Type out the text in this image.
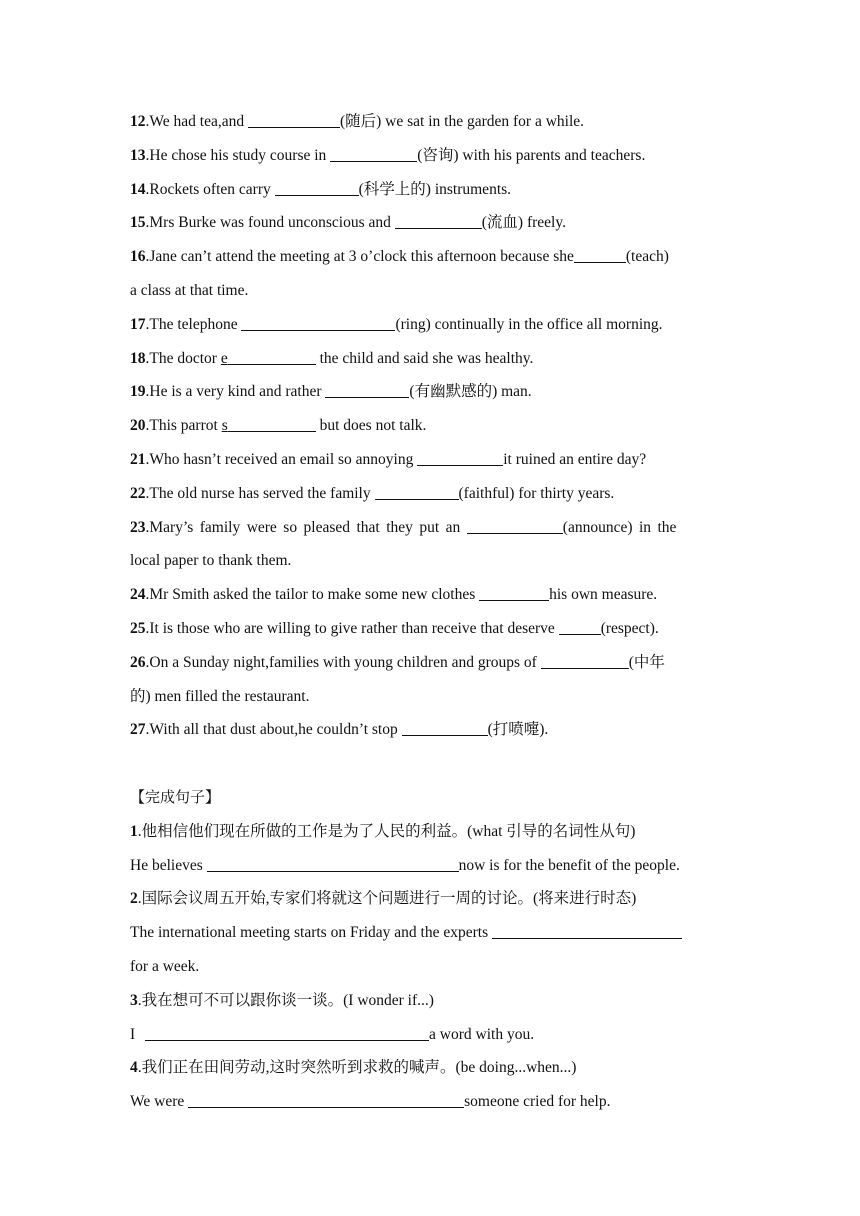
12.We had tea,and	(随后) we sat in the garden for a while.
13.He chose his study course in	(咨询) with his parents and teachers.
14.Rockets often carry	(科学上的) instruments.
15.Mrs Burke was found unconscious and	(流血) freely.
16.Jane can’t attend the meeting at 3 o’clock this afternoon because she	(teach)
a class at that time.
17.The telephone	(ring) continually in the office all morning.
18.The doctor e	the child and said she was healthy.
19.He is a very kind and rather	(有幽默感的) man.
20.This parrot s	but does not talk.
21.Who hasn’t received an email so annoying	it ruined an entire day?
22.The old nurse has served the family	(faithful) for thirty years.
23.Mary’s family were so pleased that they put an	(announce) in the
local paper to thank them.
24.Mr Smith asked the tailor to make some new clothes	his own measure.
25.It is those who are willing to give rather than receive that deserve	(respect).
26.On a Sunday night,families with young children and groups of	(中年
的) men filled the restaurant.
27.With all that dust about,he couldn’t stop	(打喷嚏).
【完成句子】
1.他相信他们现在所做的工作是为了人民的利益。(what 引导的名词性从句)
He believes	now is for the benefit of the people.
2.国际会议周五开始,专家们将就这个问题进行一周的讨论。(将来进行时态)
The international meeting starts on Friday and the experts
for a week.
3.我在想可不可以跟你谈一谈。(I wonder if...)
I	a word with you.
4.我们正在田间劳动,这时突然听到求救的喊声。(be doing...when...)
We were	someone cried for help.
